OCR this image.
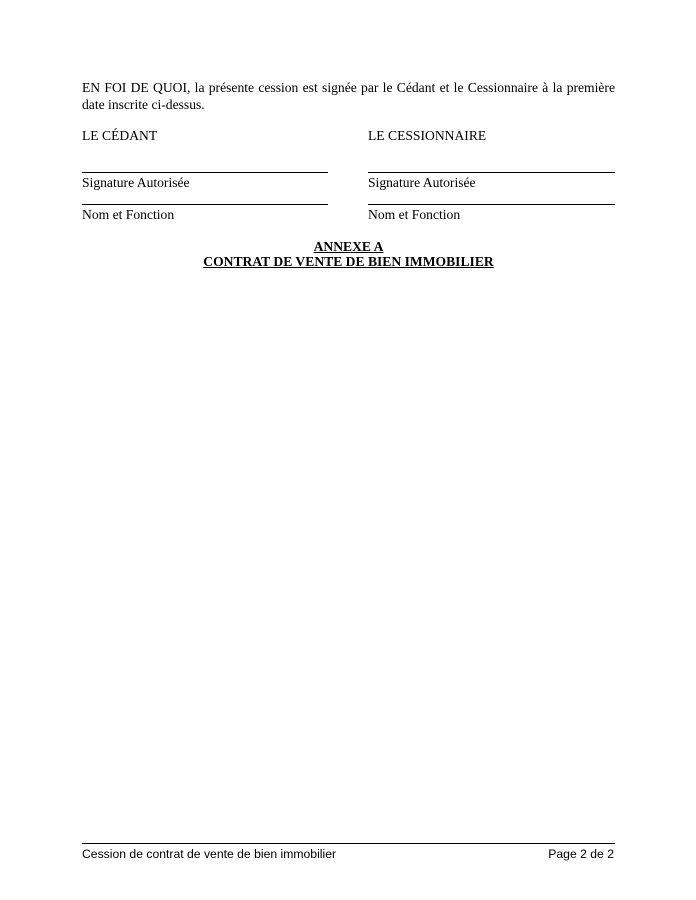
EN FOI DE QUOI, la présente cession est signée par le Cédant et le Cessionnaire à la première date inscrite ci-dessus.
LE CÉDANT
Signature Autorisée
Nom et Fonction
LE CESSIONNAIRE
Signature Autorisée
Nom et Fonction
ANNEXE A
CONTRAT DE VENTE DE BIEN IMMOBILIER
Cession de contrat de vente de bien immobilier	Page 2 de 2
